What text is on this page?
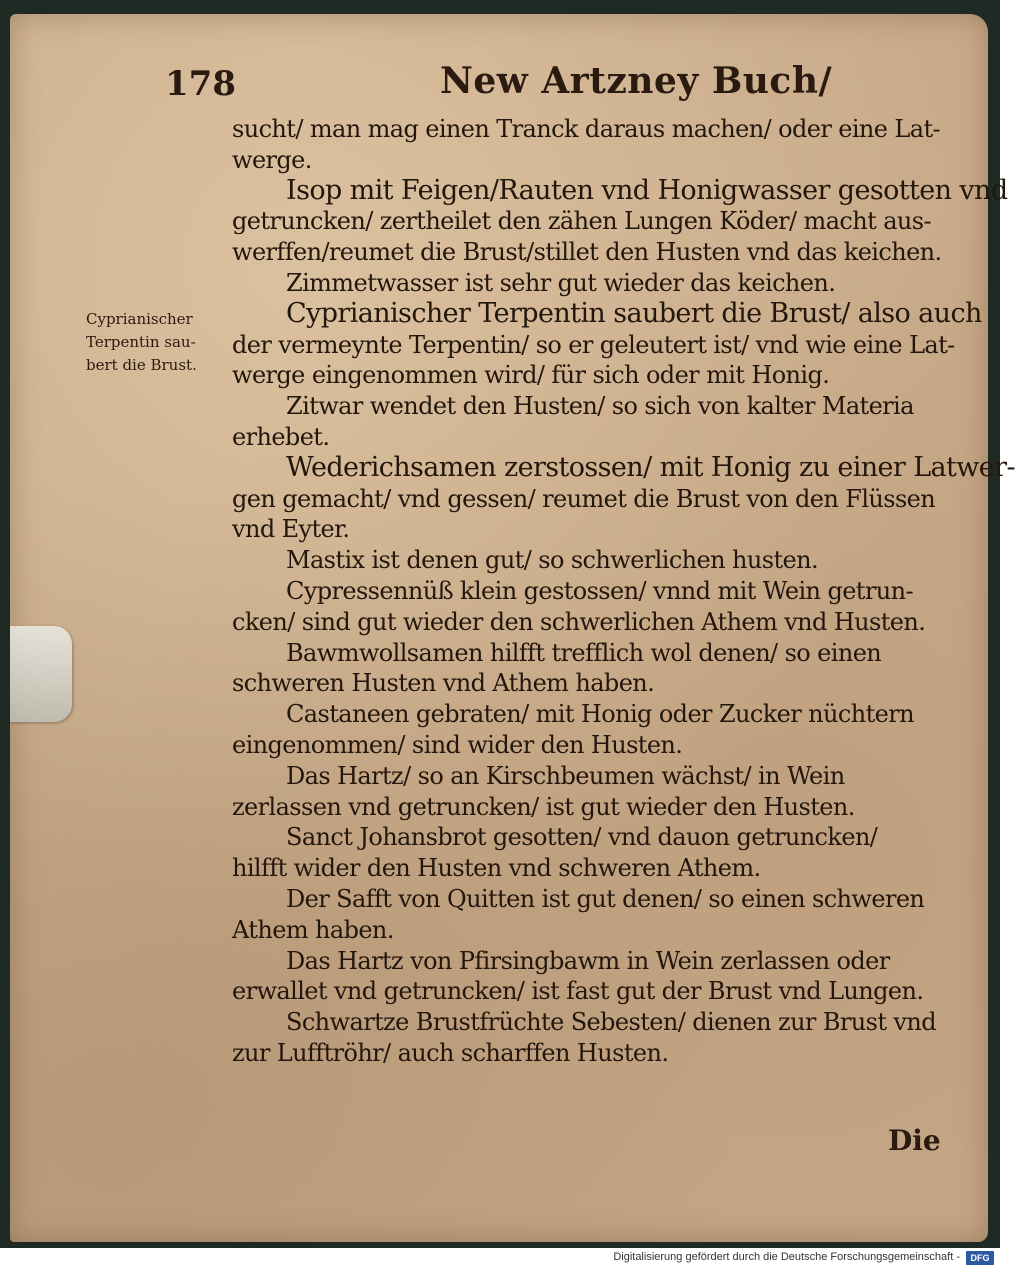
178	New Artzney Buch/
Cyprianischer
Terpentin sau-
bert die Brust.
sucht/ man mag einen Tranck daraus machen/ oder eine Lat-
werge.
Isop mit Feigen/Rauten vnd Honigwasser gesotten vnd
getruncken/ zertheilet den zähen Lungen Köder/ macht aus-
werffen/reumet die Brust/stillet den Husten vnd das keichen.
Zimmetwasser ist sehr gut wieder das keichen.
Cyprianischer Terpentin saubert die Brust/ also auch
der vermeynte Terpentin/ so er geleutert ist/ vnd wie eine Lat-
werge eingenommen wird/ für sich oder mit Honig.
Zitwar wendet den Husten/ so sich von kalter Materia
erhebet.
Wederichsamen zerstossen/ mit Honig zu einer Latwer-
gen gemacht/ vnd gessen/ reumet die Brust von den Flüssen
vnd Eyter.
Mastix ist denen gut/ so schwerlichen husten.
Cypressennüß klein gestossen/ vnnd mit Wein getrun-
cken/ sind gut wieder den schwerlichen Athem vnd Husten.
Bawmwollsamen hilfft trefflich wol denen/ so einen
schweren Husten vnd Athem haben.
Castaneen gebraten/ mit Honig oder Zucker nüchtern
eingenommen/ sind wider den Husten.
Das Hartz/ so an Kirschbeumen wächst/ in Wein
zerlassen vnd getruncken/ ist gut wieder den Husten.
Sanct Johansbrot gesotten/ vnd dauon getruncken/
hilfft wider den Husten vnd schweren Athem.
Der Safft von Quitten ist gut denen/ so einen schweren
Athem haben.
Das Hartz von Pfirsingbawm in Wein zerlassen oder
erwallet vnd getruncken/ ist fast gut der Brust vnd Lungen.
Schwartze Brustfrüchte Sebesten/ dienen zur Brust vnd
zur Lufftröhr/ auch scharffen Husten.
Die
Digitalisierung gefördert durch die Deutsche Forschungsgemeinschaft -	DFG
